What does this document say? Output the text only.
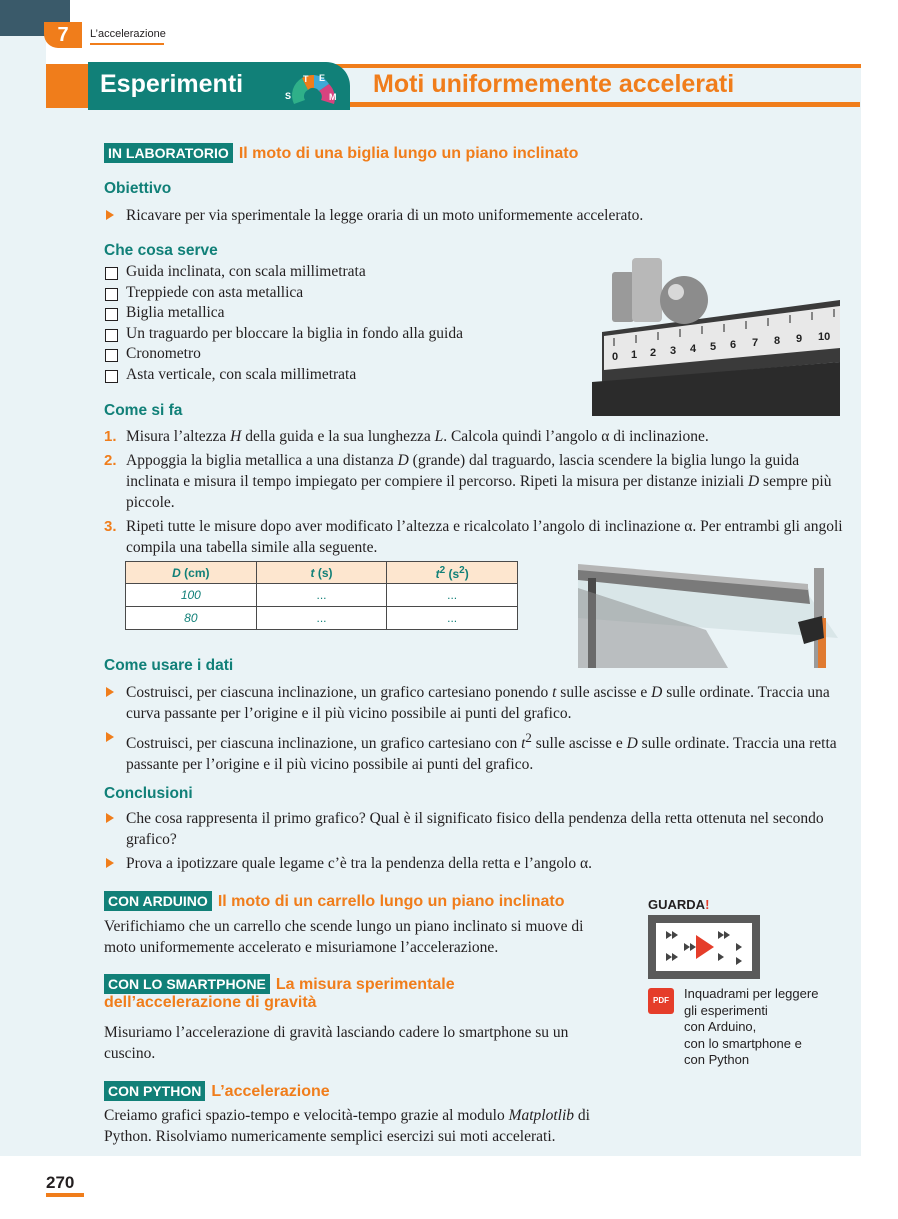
7	L’accelerazione
Esperimenti	S
T E
M Moti uniformemente accelerati
IN LABORATORIO Il moto di una biglia lungo un piano inclinato
Obiettivo
Ricavare per via sperimentale la legge oraria di un moto uniformemente accelerato.
Che cosa serve
Guida inclinata, con scala millimetrata
Treppiede con asta metallica
Biglia metallica
Un traguardo per bloccare la biglia in fondo alla guida
Cronometro
Asta verticale, con scala millimetrata
0 1 2 3 4 5 6 7 8 9 10
Come si fa
1. Misura l’altezza H della guida e la sua lunghezza L. Calcola quindi l’angolo α di inclinazione.
2. Appoggia la biglia metallica a una distanza D (grande) dal traguardo, lascia scendere la biglia lungo la guida inclinata e misura il tempo impiegato per compiere il percorso. Ripeti la misura per distanze iniziali D sempre più piccole.
3. Ripeti tutte le misure dopo aver modificato l’altezza e ricalcolato l’angolo di inclinazione α. Per entrambi gli angoli compila una tabella simile alla seguente.
D (cm)	t (s)	$t^2$ $(s^2)$
100	...	...
80	...	...
Come usare i dati
Costruisci, per ciascuna inclinazione, un grafico cartesiano ponendo t sulle ascisse e D sulle ordinate. Traccia una curva passante per l’origine e il più vicino possibile ai punti del grafico.
Costruisci, per ciascuna inclinazione, un grafico cartesiano con $t^2$ sulle ascisse e D sulle ordinate. Traccia una retta passante per l’origine e il più vicino possibile ai punti del grafico.
Conclusioni
Che cosa rappresenta il primo grafico? Qual è il significato fisico della pendenza della retta ottenuta nel secondo grafico?
Prova a ipotizzare quale legame c’è tra la pendenza della retta e l’angolo α.
CON ARDUINO Il moto di un carrello lungo un piano inclinato
Verifichiamo che un carrello che scende lungo un piano inclinato si muove di moto uniformemente accelerato e misuriamone l’accelerazione.
CON LO SMARTPHONE La misura sperimentale
dell’accelerazione di gravità
Misuriamo l’accelerazione di gravità lasciando cadere lo smartphone su un cuscino.
CON PYTHON L’accelerazione
Creiamo grafici spazio-tempo e velocità-tempo grazie al modulo Matplotlib di Python. Risolviamo numericamente semplici esercizi sui moti accelerati.
GUARDA!
PDF	Inquadrami per leggere
gli esperimenti
con Arduino,
con lo smartphone e
con Python
270
